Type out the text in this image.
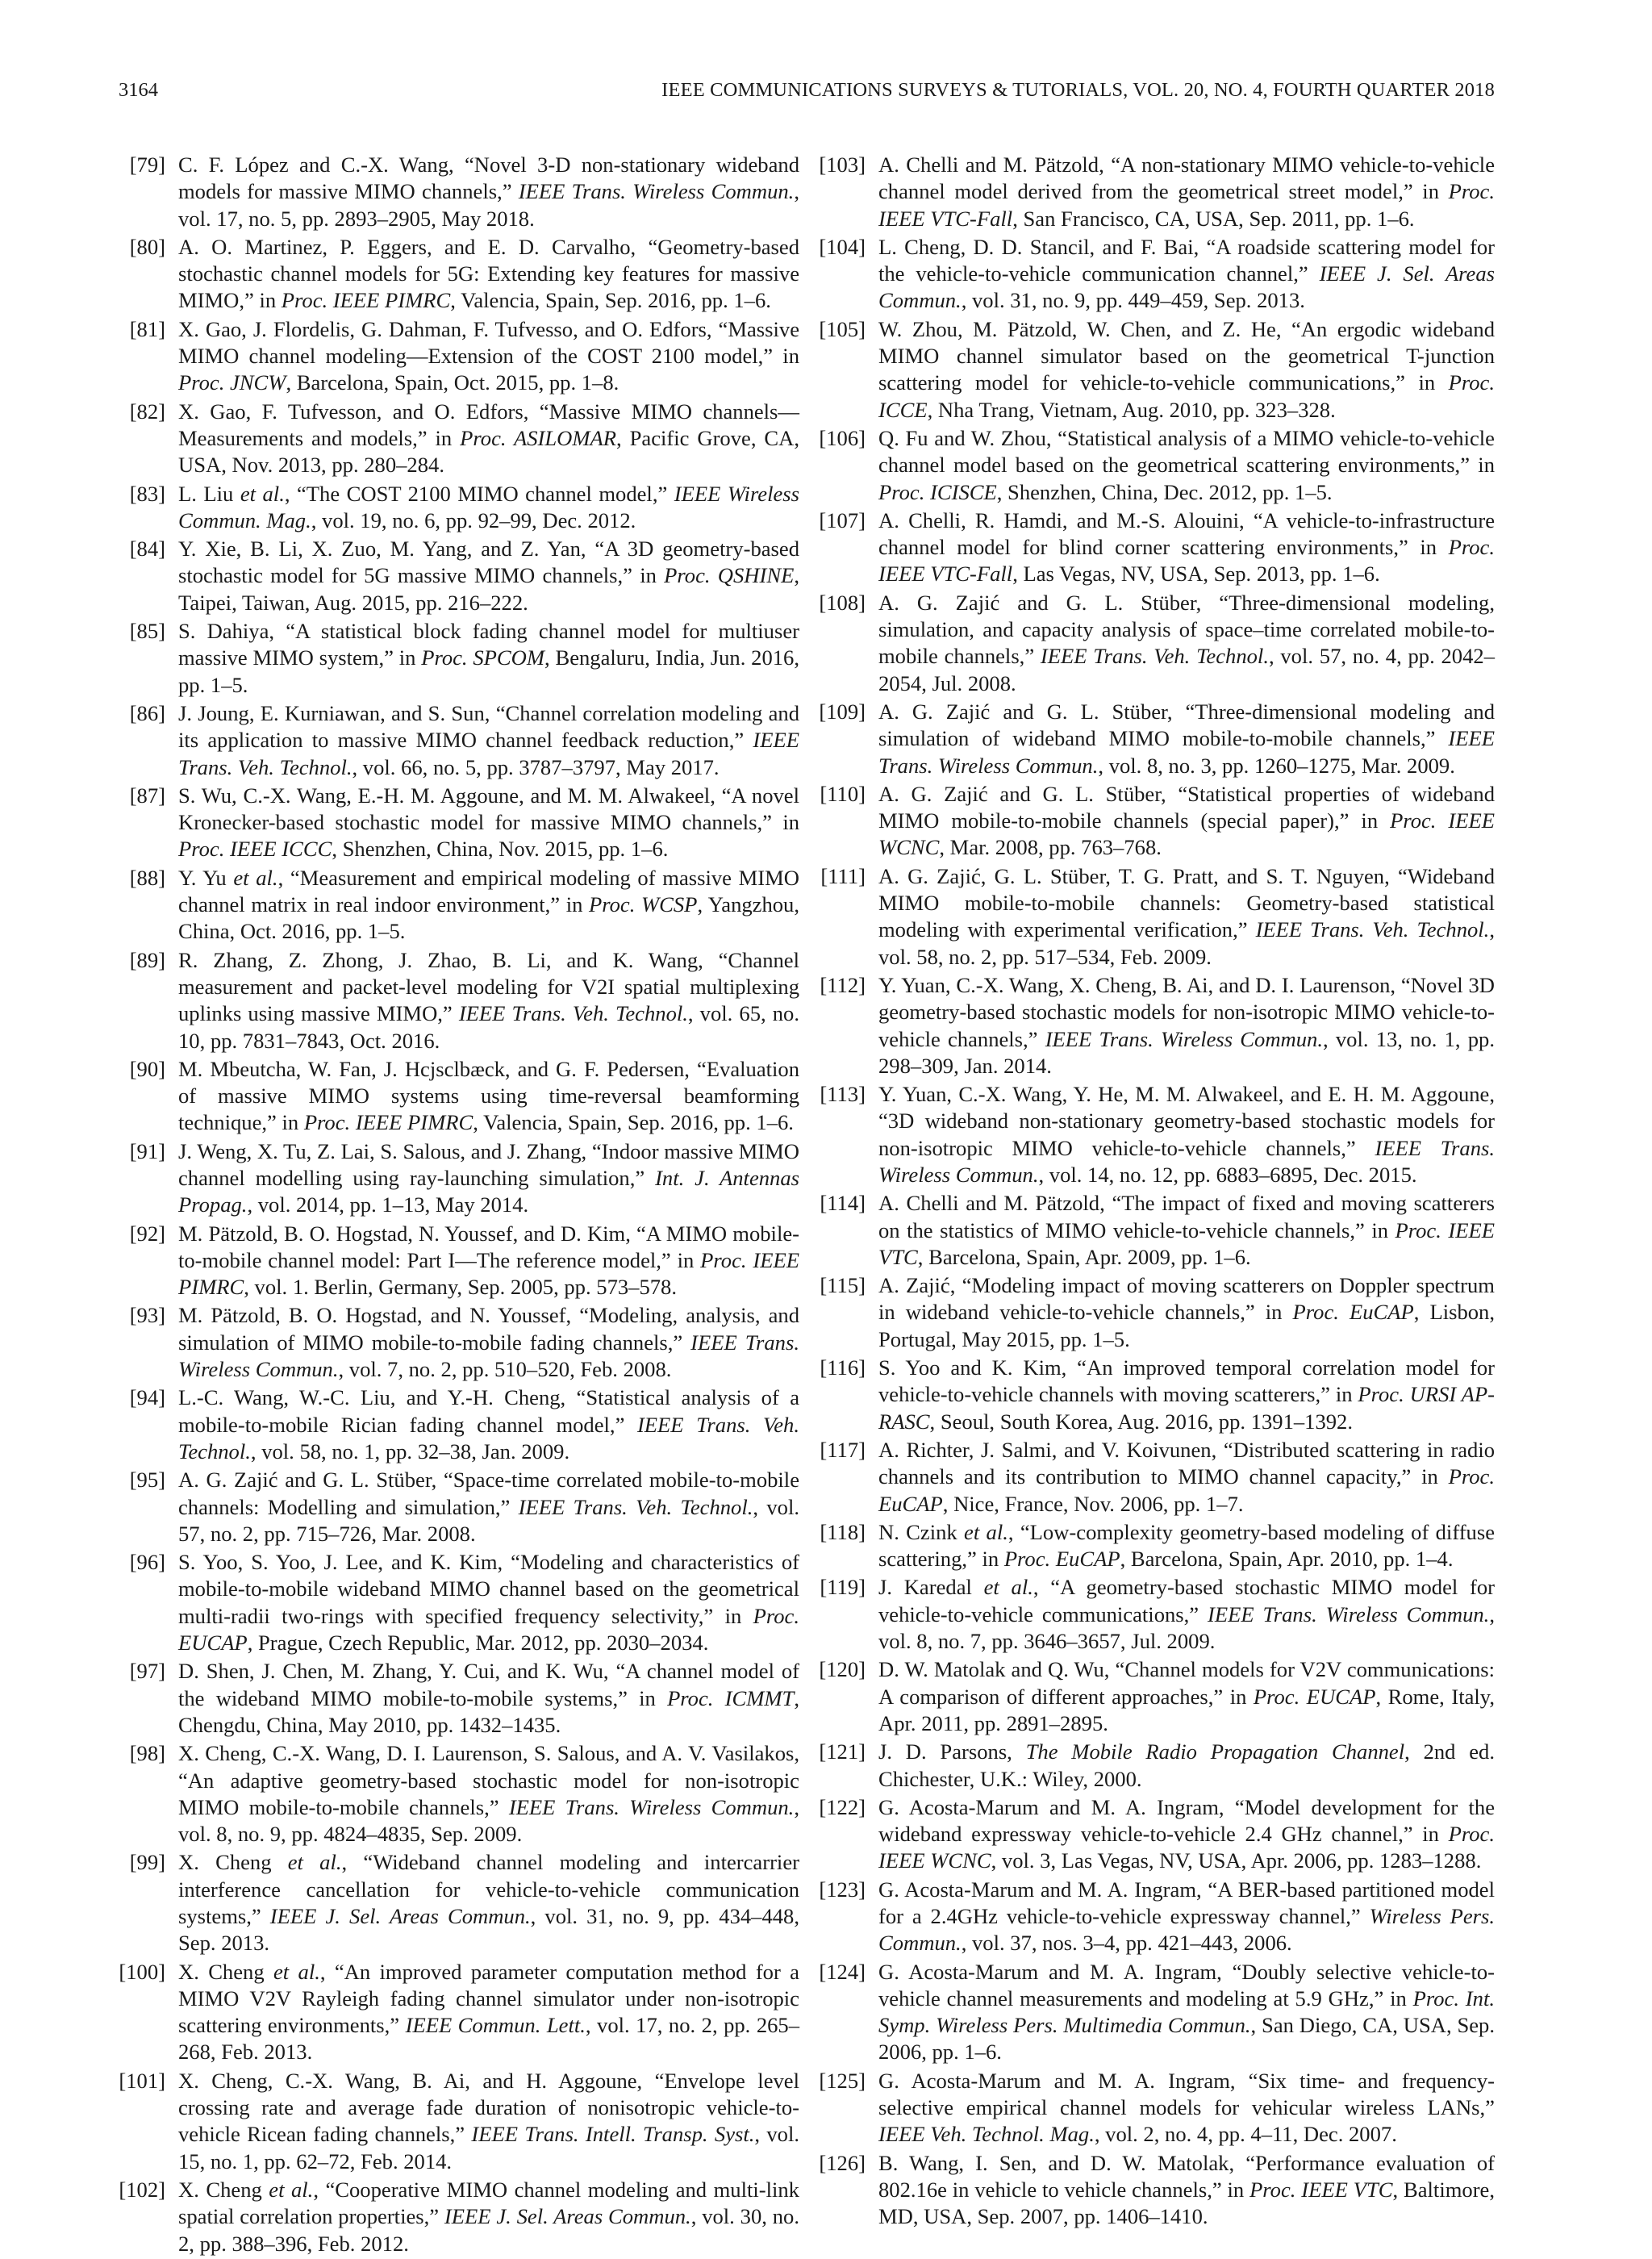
3164	IEEE COMMUNICATIONS SURVEYS & TUTORIALS, VOL. 20, NO. 4, FOURTH QUARTER 2018
[79] C. F. López and C.-X. Wang, “Novel 3-D non-stationary wideband models for massive MIMO channels,” IEEE Trans. Wireless Commun., vol. 17, no. 5, pp. 2893–2905, May 2018.
[80] A. O. Martinez, P. Eggers, and E. D. Carvalho, “Geometry-based stochastic channel models for 5G: Extending key features for massive MIMO,” in Proc. IEEE PIMRC, Valencia, Spain, Sep. 2016, pp. 1–6.
[81] X. Gao, J. Flordelis, G. Dahman, F. Tufvesso, and O. Edfors, “Massive MIMO channel modeling—Extension of the COST 2100 model,” in Proc. JNCW, Barcelona, Spain, Oct. 2015, pp. 1–8.
[82] X. Gao, F. Tufvesson, and O. Edfors, “Massive MIMO channels—Measurements and models,” in Proc. ASILOMAR, Pacific Grove, CA, USA, Nov. 2013, pp. 280–284.
[83] L. Liu et al., “The COST 2100 MIMO channel model,” IEEE Wireless Commun. Mag., vol. 19, no. 6, pp. 92–99, Dec. 2012.
[84] Y. Xie, B. Li, X. Zuo, M. Yang, and Z. Yan, “A 3D geometry-based stochastic model for 5G massive MIMO channels,” in Proc. QSHINE, Taipei, Taiwan, Aug. 2015, pp. 216–222.
[85] S. Dahiya, “A statistical block fading channel model for multiuser massive MIMO system,” in Proc. SPCOM, Bengaluru, India, Jun. 2016, pp. 1–5.
[86] J. Joung, E. Kurniawan, and S. Sun, “Channel correlation modeling and its application to massive MIMO channel feedback reduction,” IEEE Trans. Veh. Technol., vol. 66, no. 5, pp. 3787–3797, May 2017.
[87] S. Wu, C.-X. Wang, E.-H. M. Aggoune, and M. M. Alwakeel, “A novel Kronecker-based stochastic model for massive MIMO channels,” in Proc. IEEE ICCC, Shenzhen, China, Nov. 2015, pp. 1–6.
[88] Y. Yu et al., “Measurement and empirical modeling of massive MIMO channel matrix in real indoor environment,” in Proc. WCSP, Yangzhou, China, Oct. 2016, pp. 1–5.
[89] R. Zhang, Z. Zhong, J. Zhao, B. Li, and K. Wang, “Channel measurement and packet-level modeling for V2I spatial multiplexing uplinks using massive MIMO,” IEEE Trans. Veh. Technol., vol. 65, no. 10, pp. 7831–7843, Oct. 2016.
[90] M. Mbeutcha, W. Fan, J. Hcjsclbæck, and G. F. Pedersen, “Evaluation of massive MIMO systems using time-reversal beamforming technique,” in Proc. IEEE PIMRC, Valencia, Spain, Sep. 2016, pp. 1–6.
[91] J. Weng, X. Tu, Z. Lai, S. Salous, and J. Zhang, “Indoor massive MIMO channel modelling using ray-launching simulation,” Int. J. Antennas Propag., vol. 2014, pp. 1–13, May 2014.
[92] M. Pätzold, B. O. Hogstad, N. Youssef, and D. Kim, “A MIMO mobile-to-mobile channel model: Part I—The reference model,” in Proc. IEEE PIMRC, vol. 1. Berlin, Germany, Sep. 2005, pp. 573–578.
[93] M. Pätzold, B. O. Hogstad, and N. Youssef, “Modeling, analysis, and simulation of MIMO mobile-to-mobile fading channels,” IEEE Trans. Wireless Commun., vol. 7, no. 2, pp. 510–520, Feb. 2008.
[94] L.-C. Wang, W.-C. Liu, and Y.-H. Cheng, “Statistical analysis of a mobile-to-mobile Rician fading channel model,” IEEE Trans. Veh. Technol., vol. 58, no. 1, pp. 32–38, Jan. 2009.
[95] A. G. Zajić and G. L. Stüber, “Space-time correlated mobile-to-mobile channels: Modelling and simulation,” IEEE Trans. Veh. Technol., vol. 57, no. 2, pp. 715–726, Mar. 2008.
[96] S. Yoo, S. Yoo, J. Lee, and K. Kim, “Modeling and characteristics of mobile-to-mobile wideband MIMO channel based on the geometrical multi-radii two-rings with specified frequency selectivity,” in Proc. EUCAP, Prague, Czech Republic, Mar. 2012, pp. 2030–2034.
[97] D. Shen, J. Chen, M. Zhang, Y. Cui, and K. Wu, “A channel model of the wideband MIMO mobile-to-mobile systems,” in Proc. ICMMT, Chengdu, China, May 2010, pp. 1432–1435.
[98] X. Cheng, C.-X. Wang, D. I. Laurenson, S. Salous, and A. V. Vasilakos, “An adaptive geometry-based stochastic model for non-isotropic MIMO mobile-to-mobile channels,” IEEE Trans. Wireless Commun., vol. 8, no. 9, pp. 4824–4835, Sep. 2009.
[99] X. Cheng et al., “Wideband channel modeling and intercarrier interference cancellation for vehicle-to-vehicle communication systems,” IEEE J. Sel. Areas Commun., vol. 31, no. 9, pp. 434–448, Sep. 2013.
[100] X. Cheng et al., “An improved parameter computation method for a MIMO V2V Rayleigh fading channel simulator under non-isotropic scattering environments,” IEEE Commun. Lett., vol. 17, no. 2, pp. 265–268, Feb. 2013.
[101] X. Cheng, C.-X. Wang, B. Ai, and H. Aggoune, “Envelope level crossing rate and average fade duration of nonisotropic vehicle-to-vehicle Ricean fading channels,” IEEE Trans. Intell. Transp. Syst., vol. 15, no. 1, pp. 62–72, Feb. 2014.
[102] X. Cheng et al., “Cooperative MIMO channel modeling and multi-link spatial correlation properties,” IEEE J. Sel. Areas Commun., vol. 30, no. 2, pp. 388–396, Feb. 2012.
[103] A. Chelli and M. Pätzold, “A non-stationary MIMO vehicle-to-vehicle channel model derived from the geometrical street model,” in Proc. IEEE VTC-Fall, San Francisco, CA, USA, Sep. 2011, pp. 1–6.
[104] L. Cheng, D. D. Stancil, and F. Bai, “A roadside scattering model for the vehicle-to-vehicle communication channel,” IEEE J. Sel. Areas Commun., vol. 31, no. 9, pp. 449–459, Sep. 2013.
[105] W. Zhou, M. Pätzold, W. Chen, and Z. He, “An ergodic wideband MIMO channel simulator based on the geometrical T-junction scattering model for vehicle-to-vehicle communications,” in Proc. ICCE, Nha Trang, Vietnam, Aug. 2010, pp. 323–328.
[106] Q. Fu and W. Zhou, “Statistical analysis of a MIMO vehicle-to-vehicle channel model based on the geometrical scattering environments,” in Proc. ICISCE, Shenzhen, China, Dec. 2012, pp. 1–5.
[107] A. Chelli, R. Hamdi, and M.-S. Alouini, “A vehicle-to-infrastructure channel model for blind corner scattering environments,” in Proc. IEEE VTC-Fall, Las Vegas, NV, USA, Sep. 2013, pp. 1–6.
[108] A. G. Zajić and G. L. Stüber, “Three-dimensional modeling, simulation, and capacity analysis of space–time correlated mobile-to-mobile channels,” IEEE Trans. Veh. Technol., vol. 57, no. 4, pp. 2042–2054, Jul. 2008.
[109] A. G. Zajić and G. L. Stüber, “Three-dimensional modeling and simulation of wideband MIMO mobile-to-mobile channels,” IEEE Trans. Wireless Commun., vol. 8, no. 3, pp. 1260–1275, Mar. 2009.
[110] A. G. Zajić and G. L. Stüber, “Statistical properties of wideband MIMO mobile-to-mobile channels (special paper),” in Proc. IEEE WCNC, Mar. 2008, pp. 763–768.
[111] A. G. Zajić, G. L. Stüber, T. G. Pratt, and S. T. Nguyen, “Wideband MIMO mobile-to-mobile channels: Geometry-based statistical modeling with experimental verification,” IEEE Trans. Veh. Technol., vol. 58, no. 2, pp. 517–534, Feb. 2009.
[112] Y. Yuan, C.-X. Wang, X. Cheng, B. Ai, and D. I. Laurenson, “Novel 3D geometry-based stochastic models for non-isotropic MIMO vehicle-to-vehicle channels,” IEEE Trans. Wireless Commun., vol. 13, no. 1, pp. 298–309, Jan. 2014.
[113] Y. Yuan, C.-X. Wang, Y. He, M. M. Alwakeel, and E. H. M. Aggoune, “3D wideband non-stationary geometry-based stochastic models for non-isotropic MIMO vehicle-to-vehicle channels,” IEEE Trans. Wireless Commun., vol. 14, no. 12, pp. 6883–6895, Dec. 2015.
[114] A. Chelli and M. Pätzold, “The impact of fixed and moving scatterers on the statistics of MIMO vehicle-to-vehicle channels,” in Proc. IEEE VTC, Barcelona, Spain, Apr. 2009, pp. 1–6.
[115] A. Zajić, “Modeling impact of moving scatterers on Doppler spectrum in wideband vehicle-to-vehicle channels,” in Proc. EuCAP, Lisbon, Portugal, May 2015, pp. 1–5.
[116] S. Yoo and K. Kim, “An improved temporal correlation model for vehicle-to-vehicle channels with moving scatterers,” in Proc. URSI AP-RASC, Seoul, South Korea, Aug. 2016, pp. 1391–1392.
[117] A. Richter, J. Salmi, and V. Koivunen, “Distributed scattering in radio channels and its contribution to MIMO channel capacity,” in Proc. EuCAP, Nice, France, Nov. 2006, pp. 1–7.
[118] N. Czink et al., “Low-complexity geometry-based modeling of diffuse scattering,” in Proc. EuCAP, Barcelona, Spain, Apr. 2010, pp. 1–4.
[119] J. Karedal et al., “A geometry-based stochastic MIMO model for vehicle-to-vehicle communications,” IEEE Trans. Wireless Commun., vol. 8, no. 7, pp. 3646–3657, Jul. 2009.
[120] D. W. Matolak and Q. Wu, “Channel models for V2V communications: A comparison of different approaches,” in Proc. EUCAP, Rome, Italy, Apr. 2011, pp. 2891–2895.
[121] J. D. Parsons, The Mobile Radio Propagation Channel, 2nd ed. Chichester, U.K.: Wiley, 2000.
[122] G. Acosta-Marum and M. A. Ingram, “Model development for the wideband expressway vehicle-to-vehicle 2.4 GHz channel,” in Proc. IEEE WCNC, vol. 3, Las Vegas, NV, USA, Apr. 2006, pp. 1283–1288.
[123] G. Acosta-Marum and M. A. Ingram, “A BER-based partitioned model for a 2.4GHz vehicle-to-vehicle expressway channel,” Wireless Pers. Commun., vol. 37, nos. 3–4, pp. 421–443, 2006.
[124] G. Acosta-Marum and M. A. Ingram, “Doubly selective vehicle-to-vehicle channel measurements and modeling at 5.9 GHz,” in Proc. Int. Symp. Wireless Pers. Multimedia Commun., San Diego, CA, USA, Sep. 2006, pp. 1–6.
[125] G. Acosta-Marum and M. A. Ingram, “Six time- and frequency- selective empirical channel models for vehicular wireless LANs,” IEEE Veh. Technol. Mag., vol. 2, no. 4, pp. 4–11, Dec. 2007.
[126] B. Wang, I. Sen, and D. W. Matolak, “Performance evaluation of 802.16e in vehicle to vehicle channels,” in Proc. IEEE VTC, Baltimore, MD, USA, Sep. 2007, pp. 1406–1410.
